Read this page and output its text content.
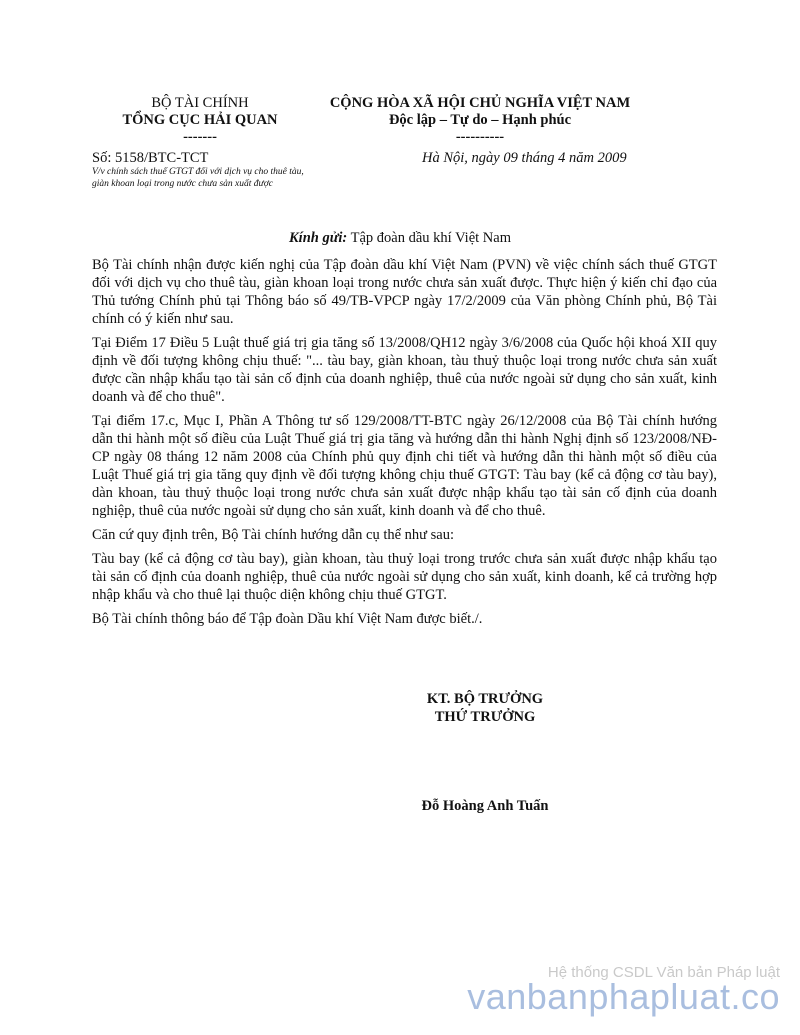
BỘ TÀI CHÍNH
TỔNG CỤC HẢI QUAN
-------
CỘNG HÒA XÃ HỘI CHỦ NGHĨA VIỆT NAM
Độc lập – Tự do – Hạnh phúc
----------
Số: 5158/BTC-TCT
V/v chính sách thuế GTGT đối với dịch vụ cho thuê tàu, giàn khoan loại trong nước chưa sản xuất được
Hà Nội, ngày 09 tháng 4 năm 2009
Kính gửi: Tập đoàn dầu khí Việt Nam

Bộ Tài chính nhận được kiến nghị của Tập đoàn dầu khí Việt Nam (PVN) về việc chính sách thuế GTGT đối với dịch vụ cho thuê tàu, giàn khoan loại trong nước chưa sản xuất được. Thực hiện ý kiến chỉ đạo của Thủ tướng Chính phủ tại Thông báo số 49/TB-VPCP ngày 17/2/2009 của Văn phòng Chính phủ, Bộ Tài chính có ý kiến như sau.

Tại Điểm 17 Điều 5 Luật thuế giá trị gia tăng số 13/2008/QH12 ngày 3/6/2008 của Quốc hội khoá XII quy định về đối tượng không chịu thuế: "... tàu bay, giàn khoan, tàu thuỷ thuộc loại trong nước chưa sản xuất được cần nhập khẩu tạo tài sản cố định của doanh nghiệp, thuê của nước ngoài sử dụng cho sản xuất, kinh doanh và để cho thuê".

Tại điểm 17.c, Mục I, Phần A Thông tư số 129/2008/TT-BTC ngày 26/12/2008 của Bộ Tài chính hướng dẫn thi hành một số điều của Luật Thuế giá trị gia tăng và hướng dẫn thi hành Nghị định số 123/2008/NĐ-CP ngày 08 tháng 12 năm 2008 của Chính phủ quy định chi tiết và hướng dẫn thi hành một số điều của Luật Thuế giá trị gia tăng quy định về đối tượng không chịu thuế GTGT: Tàu bay (kể cả động cơ tàu bay), dàn khoan, tàu thuỷ thuộc loại trong nước chưa sản xuất được nhập khẩu tạo tài sản cố định của doanh nghiệp, thuê của nước ngoài sử dụng cho sản xuất, kinh doanh và để cho thuê.

Căn cứ quy định trên, Bộ Tài chính hướng dẫn cụ thể như sau:

Tàu bay (kể cả động cơ tàu bay), giàn khoan, tàu thuỷ loại trong trước chưa sản xuất được nhập khẩu tạo tài sản cố định của doanh nghiệp, thuê của nước ngoài sử dụng cho sản xuất, kinh doanh, kể cả trường hợp nhập khẩu và cho thuê lại thuộc diện không chịu thuế GTGT.

Bộ Tài chính thông báo để Tập đoàn Dầu khí Việt Nam được biết./.

KT. BỘ TRƯỞNG
THỨ TRƯỞNG
Đỗ Hoàng Anh Tuấn
Hệ thống CSDL Văn bản Pháp luật
vanbanphapluat.co
